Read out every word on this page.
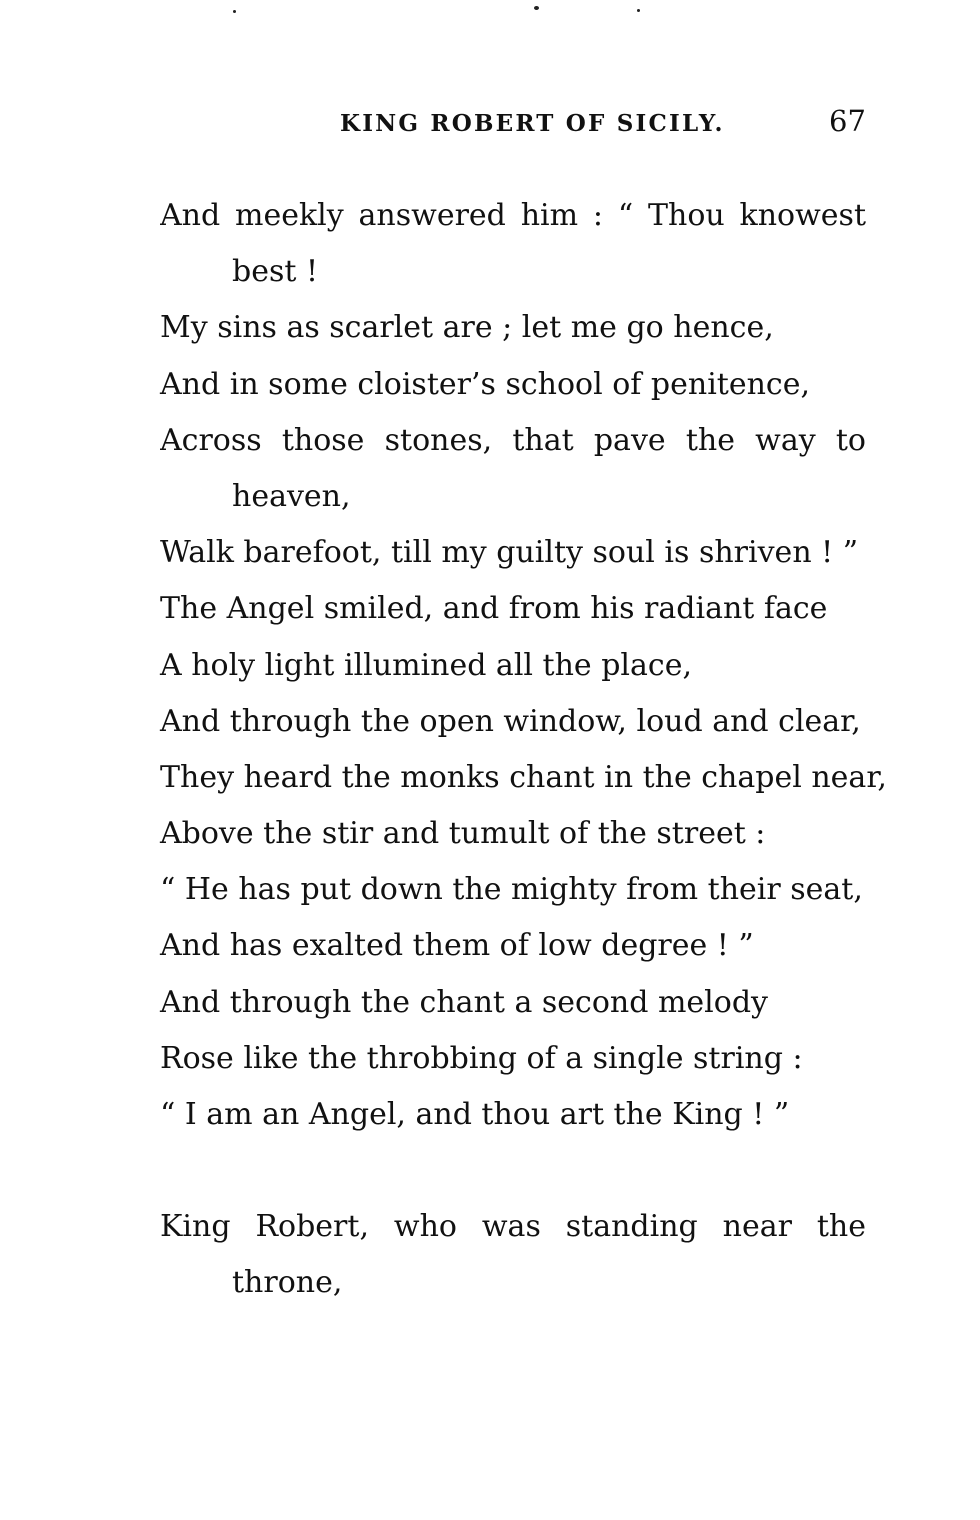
KING ROBERT OF SICILY.	67
And meekly answered him : “ Thou knowest
best !
My sins as scarlet are ; let me go hence,
And in some cloister’s school of penitence,
Across those stones, that pave the way to
heaven,
Walk barefoot, till my guilty soul is shriven ! ”
The Angel smiled, and from his radiant face
A holy light illumined all the place,
And through the open window, loud and clear,
They heard the monks chant in the chapel near,
Above the stir and tumult of the street :
“ He has put down the mighty from their seat,
And has exalted them of low degree ! ”
And through the chant a second melody
Rose like the throbbing of a single string :
“ I am an Angel, and thou art the King ! ”
King Robert, who was standing near the
throne,
